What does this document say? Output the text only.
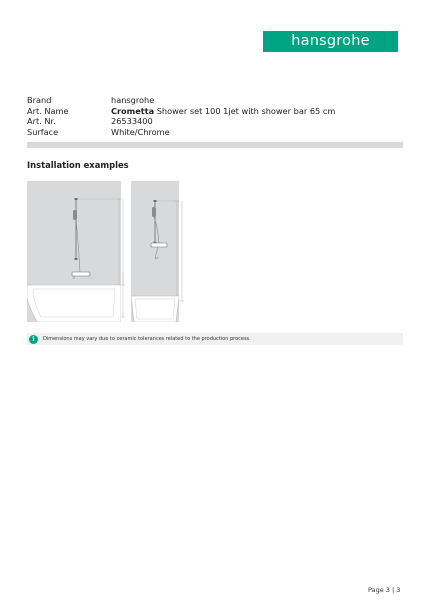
hansgrohe
Brand	hansgrohe
Art. Name	Crometta Shower set 100 1jet with shower bar 65 cm
Art. Nr.	26533400
Surface	White/Chrome
Installation examples
i	Dimensions may vary due to ceramic tolerances related to the production process.
Page 3 | 3
